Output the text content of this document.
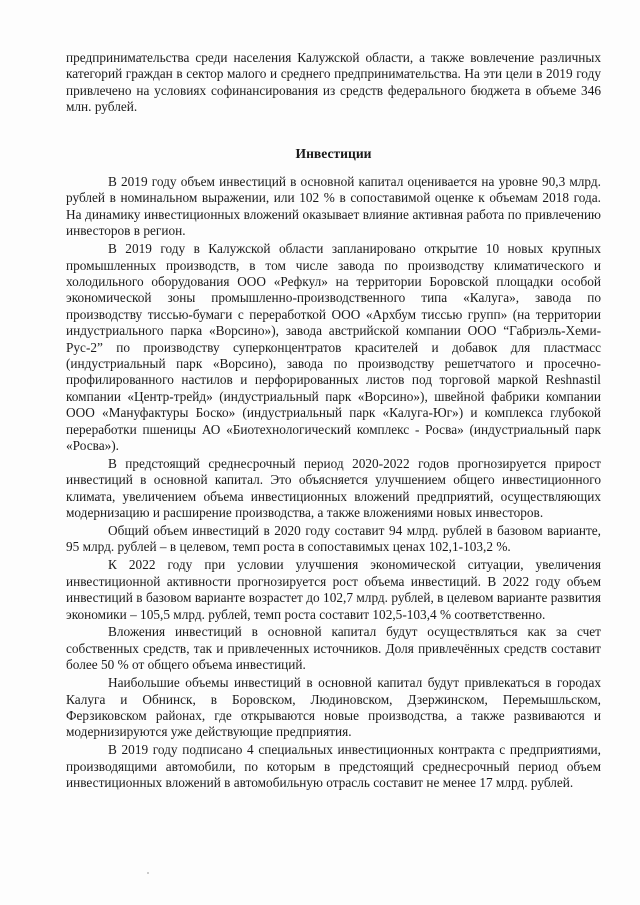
предпринимательства среди населения Калужской области, а также вовлечение различных категорий граждан в сектор малого и среднего предпринимательства. На эти цели в 2019 году привлечено на условиях софинансирования из средств федерального бюджета в объеме 346 млн. рублей.

Инвестиции

В 2019 году объем инвестиций в основной капитал оценивается на уровне 90,3 млрд. рублей в номинальном выражении, или 102 % в сопоставимой оценке к объемам 2018 года. На динамику инвестиционных вложений оказывает влияние активная работа по привлечению инвесторов в регион.

В 2019 году в Калужской области запланировано открытие 10 новых крупных промышленных производств, в том числе завода по производству климатического и холодильного оборудования ООО «Рефкул» на территории Боровской площадки особой экономической зоны промышленно-производственного типа «Калуга», завода по производству тиссью-бумаги с переработкой ООО «Архбум тиссью групп» (на территории индустриального парка «Ворсино»), завода австрийской компании ООО “Габриэль-Хеми-Рус-2” по производству суперконцентратов красителей и добавок для пластмасс (индустриальный парк «Ворсино), завода по производству решетчатого и просечно-профилированного настилов и перфорированных листов под торговой маркой Reshnastil компании «Центр-трейд» (индустриальный парк «Ворсино»), швейной фабрики компании ООО «Мануфактуры Боско» (индустриальный парк «Калуга-Юг») и комплекса глубокой переработки пшеницы АО «Биотехнологический комплекс - Росва» (индустриальный парк «Росва»).

В предстоящий среднесрочный период 2020-2022 годов прогнозируется прирост инвестиций в основной капитал. Это объясняется улучшением общего инвестиционного климата, увеличением объема инвестиционных вложений предприятий, осуществляющих модернизацию и расширение производства, а также вложениями новых инвесторов.

Общий объем инвестиций в 2020 году составит 94 млрд. рублей в базовом варианте, 95 млрд. рублей – в целевом, темп роста в сопоставимых ценах 102,1-103,2 %.

К 2022 году при условии улучшения экономической ситуации, увеличения инвестиционной активности прогнозируется рост объема инвестиций. В 2022 году объем инвестиций в базовом варианте возрастет до 102,7 млрд. рублей, в целевом варианте развития экономики – 105,5 млрд. рублей, темп роста составит 102,5-103,4 % соответственно.

Вложения инвестиций в основной капитал будут осуществляться как за счет собственных средств, так и привлеченных источников. Доля привлечённых средств составит более 50 % от общего объема инвестиций.

Наибольшие объемы инвестиций в основной капитал будут привлекаться в городах Калуга и Обнинск, в Боровском, Людиновском, Дзержинском, Перемышльском, Ферзиковском районах, где открываются новые производства, а также развиваются и модернизируются уже действующие предприятия.

В 2019 году подписано 4 специальных инвестиционных контракта с предприятиями, производящими автомобили, по которым в предстоящий среднесрочный период объем инвестиционных вложений в автомобильную отрасль составит не менее 17 млрд. рублей.
